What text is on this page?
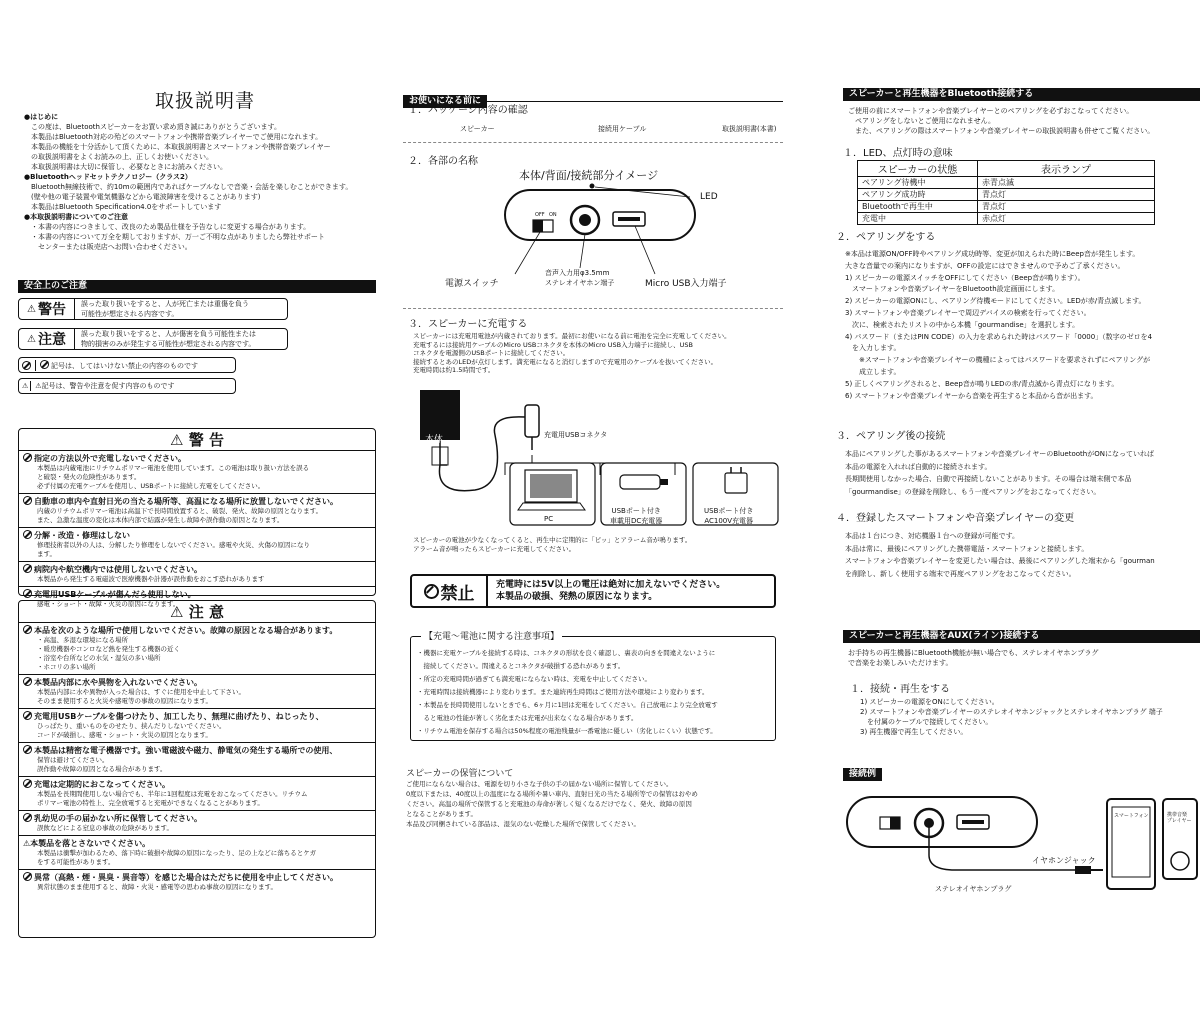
取扱説明書
●はじめに
　この度は、Bluetoothスピーカーをお買い求め頂き誠にありがとうございます。
　本製品はBluetooth対応の殆どのスマートフォンや携帯音楽プレイヤーでご使用になれます。
　本製品の機能を十分活かして頂くために、本取扱説明書とスマートフォンや携帯音楽プレイヤー
　の取扱説明書をよくお読みの上、正しくお使いください。
　本取扱説明書は大切に保管し、必要なときにお読みください。
●Bluetoothヘッドセットテクノロジー（クラス2）
　Bluetooth無線技術で、約10mの範囲内であればケーブルなしで音楽・会話を楽しむことができます。
　(壁や他の電子装置や電気機器などから電波障害を受けることがあります)
　本製品はBluetooth Specification4.0をサポートしています
●本取扱説明書についてのご注意
　・本書の内容につきまして、改良のため製品仕様を予告なしに変更する場合があります。
　・本書の内容について万全を期しておりますが、万一ご不明な点がありましたら弊社サポート
　　センターまたは販売店へお問い合わせください。
安全上のご注意
⚠ 警告 誤った取り扱いをすると、人が死亡または重傷を負う
可能性が想定される内容です。
⚠ 注意 誤った取り扱いをすると、人が傷害を負う可能性または
物的損害のみが発生する可能性が想定される内容です。
記号は、してはいけない禁止の内容のものです
⚠	⚠記号は、警告や注意を促す内容のものです
⚠ 警 告
指定の方法以外で充電しないでください。
本製品は内蔵電池にリチウムポリマー電池を使用しています。この電池は取り扱い方法を誤る
と破裂・発火の危険性があります。
必ず付属の充電ケーブルを使用し、USBポートに接続し充電をしてください。
自動車の車内や直射日光の当たる場所等、高温になる場所に放置しないでください。
内蔵のリチウムポリマー電池は高温下で長時間放置すると、破裂、発火、故障の原因となります。
また、急激な温度の変化は本体内部で結露が発生し故障や誤作動の原因となります。
分解・改造・修理はしない
修理技術者以外の人は、分解したり修理をしないでください。感電や火災、火傷の原因になり
ます。
病院内や航空機内では使用しないでください。
本製品から発生する電磁波で医療機器や計器が誤作動をおこす恐れがあります
充電用USBケーブルが傷んだら使用しない。
感電・ショート・故障・火災の原因になります。
⚠ 注 意
本品を次のような場所で使用しないでください。故障の原因となる場合があります。
・高温、多湿な環境になる場所
・暖房機器やコンロなど熱を発生する機器の近く
・浴室や台所などの水気・湿気の多い場所
・ホコリの多い場所
本製品内部に水や異物を入れないでください。
本製品内部に水や異物が入った場合は、すぐに使用を中止して下さい。
そのまま使用すると火災や感電等の事故の原因になります。
充電用USBケーブルを傷つけたり、加工したり、無理に曲げたり、ねじったり、
ひっぱたり、重いものをのせたり、挟んだりしないでください。
コードが破損し、感電・ショート・火災の原因となります。
本製品は精密な電子機器です。強い電磁波や磁力、静電気の発生する場所での使用、
保管は避けてください。
誤作動や故障の原因となる場合があります。
充電は定期的におこなってください。
本製品を長期間使用しない場合でも、半年に1回程度は充電をおこなってください。リチウム
ポリマー電池の特性上、完全放電すると充電ができなくなることがあります。
乳幼児の手の届かない所に保管してください。
誤飲などによる窒息の事故の危険があります。
⚠本製品を落とさないでください。
本製品は衝撃が加わるため、落下時に破損や故障の原因になったり、足の上などに落ちるとケガ
をする可能性があります。
異常（高熱・煙・異臭・異音等）を感じた場合はただちに使用を中止してください。
異常状態のまま使用すると、故障・火災・感電等の思わぬ事故の原因になります。
お使いになる前に
１．パッケージ内容の確認
スピーカー	接続用ケーブル	取扱説明書(本書)
２．各部の名称
本体/背面/接続部分イメージ
OFF ON
LED
電源スイッチ
音声入力用φ3.5mm
ステレオイヤホン端子	Micro USB入力端子
３．スピーカーに充電する
スピーカーには充電用電池が内蔵されております。最初にお使いになる前に電池を完全に充電してください。
充電するには接続用ケーブルのMicro USBコネクタを本体のMicro USB入力端子に接続し、USB
コネクタを電源側のUSBポートに接続してください。
接続するとあのLEDが点灯します。満充電になると消灯しますので充電用のケーブルを抜いてください。
充電時間は約1.5時間です。
本体	充電用USBコネクタ
PC
USBポート付き
車載用DC充電器
USBポート付き
AC100V充電器
スピーカーの電池が少なくなってくると、再生中に定期的に「ピッ」とアラーム音が鳴ります。
アラーム音が鳴ったらスピーカーに充電してください。
禁止 充電時には5V以上の電圧は絶対に加えないでください。
本製品の破損、発熱の原因になります。
【充電〜電池に関する注意事項】
・機器に充電ケーブルを接続する時は、コネクタの形状を良く確認し、裏表の向きを間違えないように
　接続してください。間違えるとコネクタが破損する恐れがあります。
・所定の充電時間が過ぎても満充電にならない時は、充電を中止してください。
・充電時間は接続機器により変わります。また連続再生時間はご使用方法や環境により変わります。
・本製品を長時間使用しないときでも、6ヶ月に1回は充電をしてください。自己放電により完全放電す
　ると電池の性能が著しく劣化または充電が出来なくなる場合があります。
・リチウム電池を保存する場合は50%程度の電池残量が一番電池に優しい（劣化しにくい）状態です。
スピーカーの保管について
ご使用にならない場合は、電源を切り小さな子供の手の届かない場所に保管してください。
0度以下または、40度以上の温度になる場所や暑い車内、直射日光の当たる場所等での保管はおやめ
ください。高温の場所で保管すると充電池の寿命が著しく短くなるだけでなく、発火、故障の原因
となることがあります。
本品及び同梱されている部品は、湿気のない乾燥した場所で保管してください。
スピーカーと再生機器をBluetooth接続する
ご使用の前にスマートフォンや音楽プレイヤーとのペアリングを必ずおこなってください。
　ペアリングをしないとご使用になれません。
　また、ペアリングの際はスマートフォンや音楽プレイヤーの取扱説明書も併せてご覧ください。
１．LED、点灯時の意味
スピーカーの状態	表示ランプ
ペアリング待機中	赤青点滅
ペアリング成功時	青点灯
Bluetoothで再生中	青点灯
充電中	赤点灯
２．ペアリングをする
※本品は電源ON/OFF時やペアリング成功時等、変更が加えられた時にBeep音が発生します。
大きな音量での案内になりますが、OFFの設定にはできませんので予めご了承ください。
1) スピーカーの電源スイッチをOFFにしてください（Beep音が鳴ります）。
　スマートフォンや音楽プレイヤーをBluetooth設定画面にします。
2) スピーカーの電源ONにし、ペアリング待機モードにしてください。LEDが赤/青点滅します。
3) スマートフォンや音楽プレイヤーで周辺デバイスの検索を行ってください。
　次に、検索されたリストの中から本機「gourmandise」を選択します。
4) パスワード（またはPIN CODE）の入力を求められた時はパスワード「0000」（数字のゼロを4
　を入力します。
　　※スマートフォンや音楽プレイヤーの機種によってはパスワードを要求されずにペアリングが
　　成立します。
5) 正しくペアリングされると、Beep音が鳴りLEDの赤/青点滅から青点灯になります。
6) スマートフォンや音楽プレイヤーから音楽を再生すると本品から音が出ます。
３．ペアリング後の接続
本品にペアリングした事があるスマートフォンや音楽プレイヤーのBluetoothがONになっていれば
本品の電源を入れれば自動的に接続されます。
長期間使用しなかった場合、自動で再接続しないことがあります。その場合は端末側で本品
「gourmandise」の登録を削除し、もう一度ペアリングをおこなってください。
４．登録したスマートフォンや音楽プレイヤーの変更
本品は１台につき、対応機器１台への登録が可能です。
本品は常に、最後にペアリングした携帯電話・スマートフォンと接続します。
スマートフォンや音楽プレイヤーを変更したい場合は、最後にペアリングした端末から「gourman
を削除し、新しく使用する端末で再度ペアリングをおこなってください。
スピーカーと再生機器をAUX(ライン)接続する
お手持ちの再生機器にBluetooth機能が無い場合でも、ステレオイヤホンプラグ
で音楽をお楽しみいただけます。
１．接続・再生をする
1) スピーカーの電源をONにしてください。
2) スマートフォンや音楽プレイヤーのステレオイヤホンジャックとステレオイヤホンプラグ 端子
　を付属のケーブルで接続してください。
3) 再生機器で再生してください。
接続例
スマートフォン	携帯音楽
プレイヤー
イヤホンジャック
ステレオイヤホンプラグ
